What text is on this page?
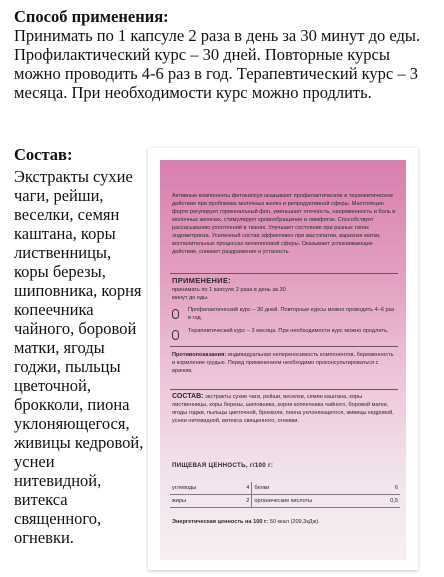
Способ применения:
Принимать по 1 капсуле 2 раза в день за 30 минут до еды. Профилактический курс – 30 дней. Повторные курсы можно проводить 4-6 раз в год. Терапевтический курс – 3 месяца. При необходимости курс можно продлить.
Состав:
Экстракты сухие
чаги, рейши,
веселки, семян
каштана, коры
лиственницы,
коры березы,
шиповника, корня
копеечника
чайного, боровой
матки, ягоды
годжи, пыльцы
цветочной,
брокколи, пиона
уклоняющегося,
живицы кедровой,
уснеи
нитевидной,
витекса
священного,
огневки.
Активные компоненты фитокапсул оказывают профилактическое и терапевтическое действие при проблемах молочных желез и репродуктивной сферы. Мастолецин форте регулирует гормональный фон, уменьшает отечность, напряженность и боль в молочных железах, стимулирует кровообращение и лимфоток. Способствует рассасыванию уплотнений в тканях. Улучшает состояние при разных типах эндометриоза. Усиленный состав эффективен при мастопатии, варикозе матки, воспалительных процессах мочеполовой сферы. Оказывает успокаивающее действие, снимает раздражение и усталость.
ПРИМЕНЕНИЕ:
принимать по 1 капсуле 2 раза в день за 30 минут до еды.
Профилактический курс – 30 дней. Повторные курсы можно проводить 4–6 раз в год.
Терапевтический курс – 3 месяца. При необходимости курс можно продлить.
Противопоказания: индивидуальная непереносимость компонентов, беременность и кормление грудью. Перед применением необходимо проконсультироваться с врачом.
СОСТАВ: экстракты сухие чаги, рейши, веселки, семян каштана, коры лиственницы, коры березы, шиповника, корня копеечника чайного, боровой матки, ягоды годжи, пыльцы цветочной, брокколи, пиона уклоняющегося, живицы кедровой, уснеи нитевидной, витекса священного, огневки.
ПИЩЕВАЯ ЦЕННОСТЬ, г/100 г:
углеводы	4	белки	6
жиры	2	органические кислоты	0,5
Энергетическая ценность на 100 г: 50 ккал (209,3кДж).
